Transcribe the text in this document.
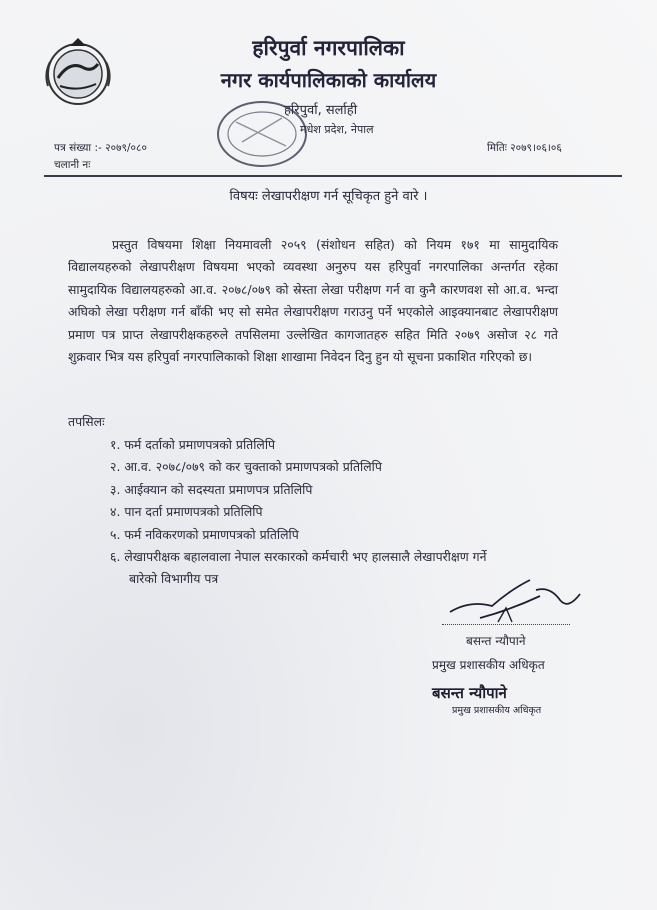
हरिपुर्वा नगरपालिका
नगर कार्यपालिकाको कार्यालय
हरिपुर्वा, सर्लाही
मधेश प्रदेश, नेपाल
पत्र संख्या :- २०७९/०८०
चलानी नः
मितिः २०७९।०६।०६
विषयः लेखापरीक्षण गर्न सूचिकृत हुने वारे ।
प्रस्तुत विषयमा शिक्षा नियमावली २०५९ (संशोधन सहित) को नियम १७१ मा सामुदायिक विद्यालयहरुको लेखापरीक्षण विषयमा भएको व्यवस्था अनुरुप यस हरिपुर्वा नगरपालिका अन्तर्गत रहेका सामुदायिक विद्यालयहरुको आ.व. २०७८/०७९ को स्रेस्ता लेखा परीक्षण गर्न वा कुनै कारणवश सो आ.व. भन्दा अघिको लेखा परीक्षण गर्न बाँकी भए सो समेत लेखापरीक्षण गराउनु पर्ने भएकोले आइक्यानबाट लेखापरीक्षण प्रमाण पत्र प्राप्त लेखापरीक्षकहरुले तपसिलमा उल्लेखित कागजातहरु सहित मिति २०७९ असोज २८ गते शुक्रवार भित्र यस हरिपुर्वा नगरपालिकाको शिक्षा शाखामा निवेदन दिनु हुन यो सूचना प्रकाशित गरिएको छ।
तपसिलः
१. फर्म दर्ताको प्रमाणपत्रको प्रतिलिपि
२. आ.व. २०७८/०७९ को कर चुक्ताको प्रमाणपत्रको प्रतिलिपि
३. आईक्यान को सदस्यता प्रमाणपत्र प्रतिलिपि
४. पान दर्ता प्रमाणपत्रको प्रतिलिपि
५. फर्म नविकरणको प्रमाणपत्रको प्रतिलिपि
६. लेखापरीक्षक बहालवाला नेपाल सरकारको कर्मचारी भए हालसालै लेखापरीक्षण गर्ने
बारेको विभागीय पत्र
बसन्त न्यौपाने
प्रमुख प्रशासकीय अधिकृत
बसन्त न्यौपाने
प्रमुख प्रशासकीय अधिकृत
